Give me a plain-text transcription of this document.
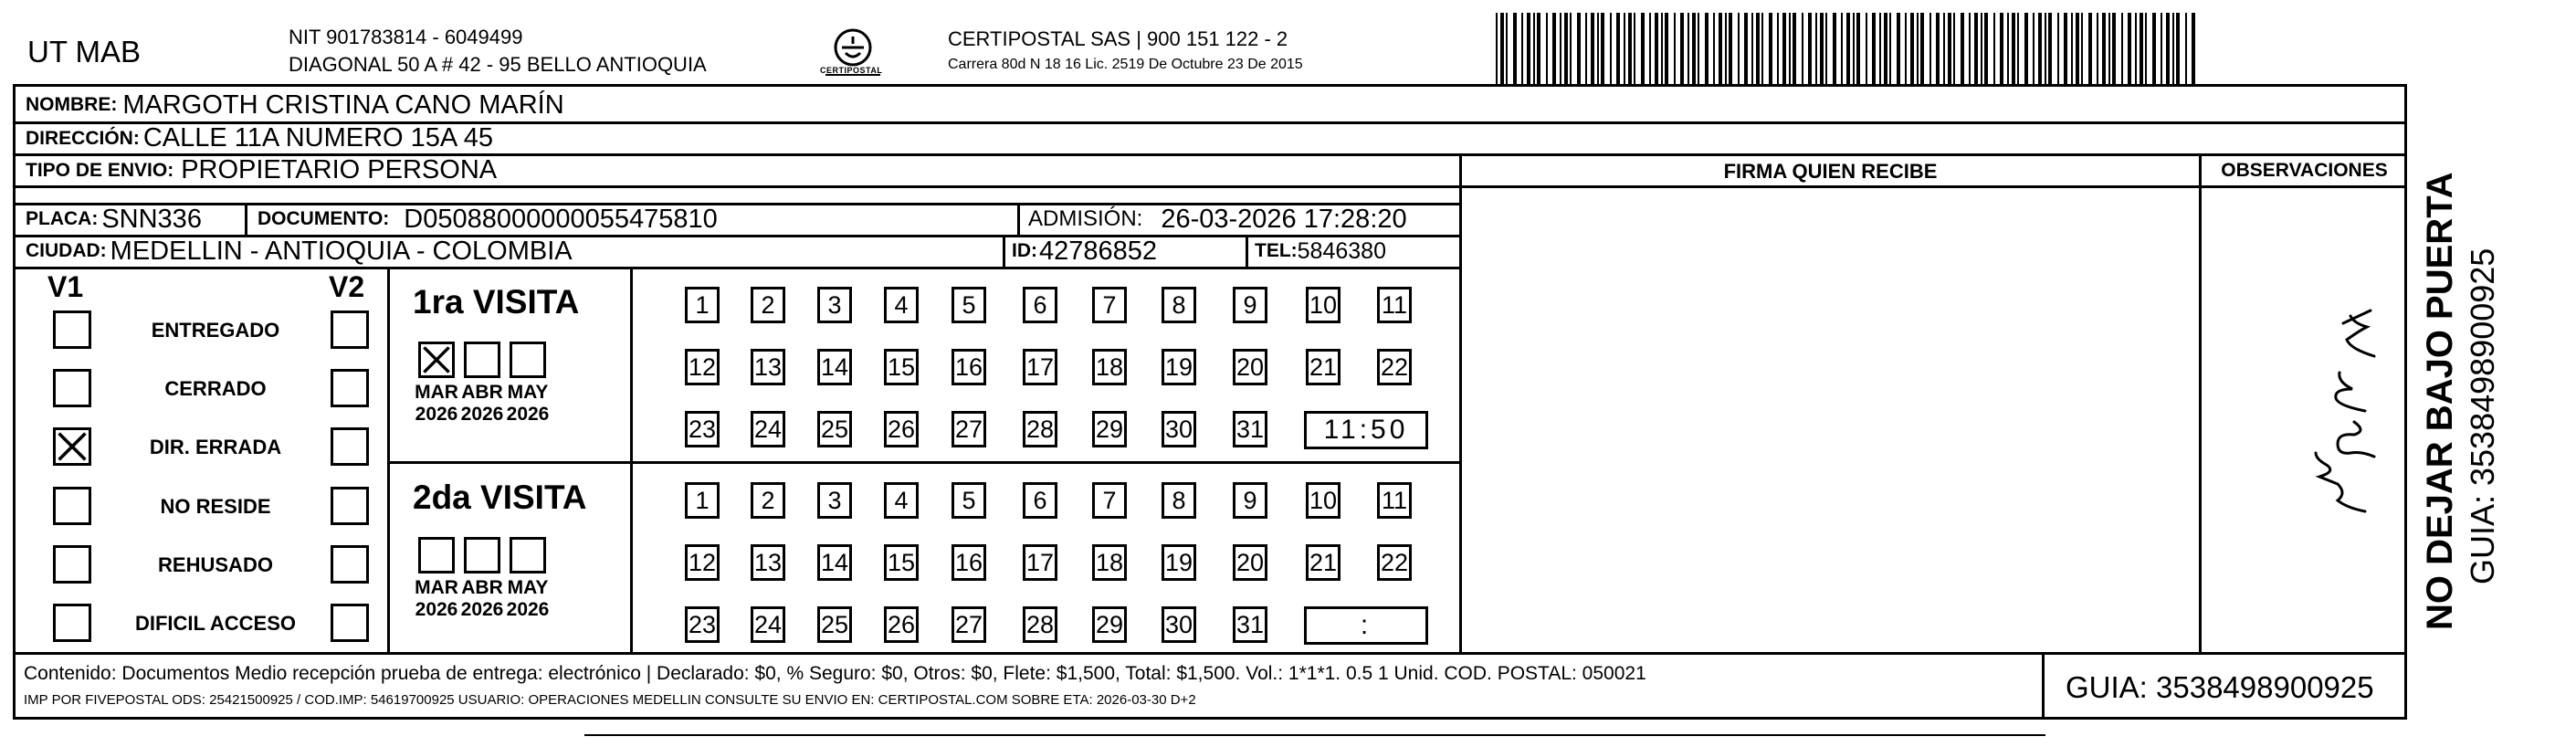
UT MAB	NIT 901783814 - 6049499
DIAGONAL 50 A # 42 - 95 BELLO ANTIOQUIA	CERTIPOSTAL
CERTIPOSTAL SAS | 900 151 122 - 2
Carrera 80d N 18 16 Lic. 2519 De Octubre 23 De 2015
NOMBRE: MARGOTH CRISTINA CANO MARÍN
DIRECCIÓN: CALLE 11A NUMERO 15A 45
TIPO DE ENVIO: PROPIETARIO PERSONA
PLACA: SNN336	DOCUMENTO: D05088000000055475810	ADMISIÓN: 26-03-2026 17:28:20
CIUDAD: MEDELLIN - ANTIOQUIA - COLOMBIA	ID: 42786852	TEL: 5846380
FIRMA QUIEN RECIBE	OBSERVACIONES
NO DEJAR BAJO PUERTA GUIA: 3538498900925
V1	V2
ENTREGADO
CERRADO
DIR. ERRADA
NO RESIDE
REHUSADO
DIFICIL ACCESO
1ra VISITA
MAR
2026
ABR
2026
MAY
2026
1	2	3	4	5	6	7	8	9	10 11
12 13 14 15 16 17 18 19 20 21 22
23 24 25 26 27 28 29 30 31	11:50
2da VISITA
MAR
2026
ABR
2026
MAY
2026
1	2	3	4	5	6	7	8	9	10 11
12 13 14 15 16 17 18 19 20 21 22
23 24 25 26 27 28 29 30 31	:
Contenido: Documentos Medio recepción prueba de entrega: electrónico | Declarado: $0, % Seguro: $0, Otros: $0, Flete: $1,500, Total: $1,500. Vol.: 1*1*1. 0.5 1 Unid. COD. POSTAL: 050021
IMP POR FIVEPOSTAL ODS: 25421500925 / COD.IMP: 54619700925 USUARIO: OPERACIONES MEDELLIN CONSULTE SU ENVIO EN: CERTIPOSTAL.COM SOBRE ETA: 2026-03-30 D+2	GUIA: 3538498900925
